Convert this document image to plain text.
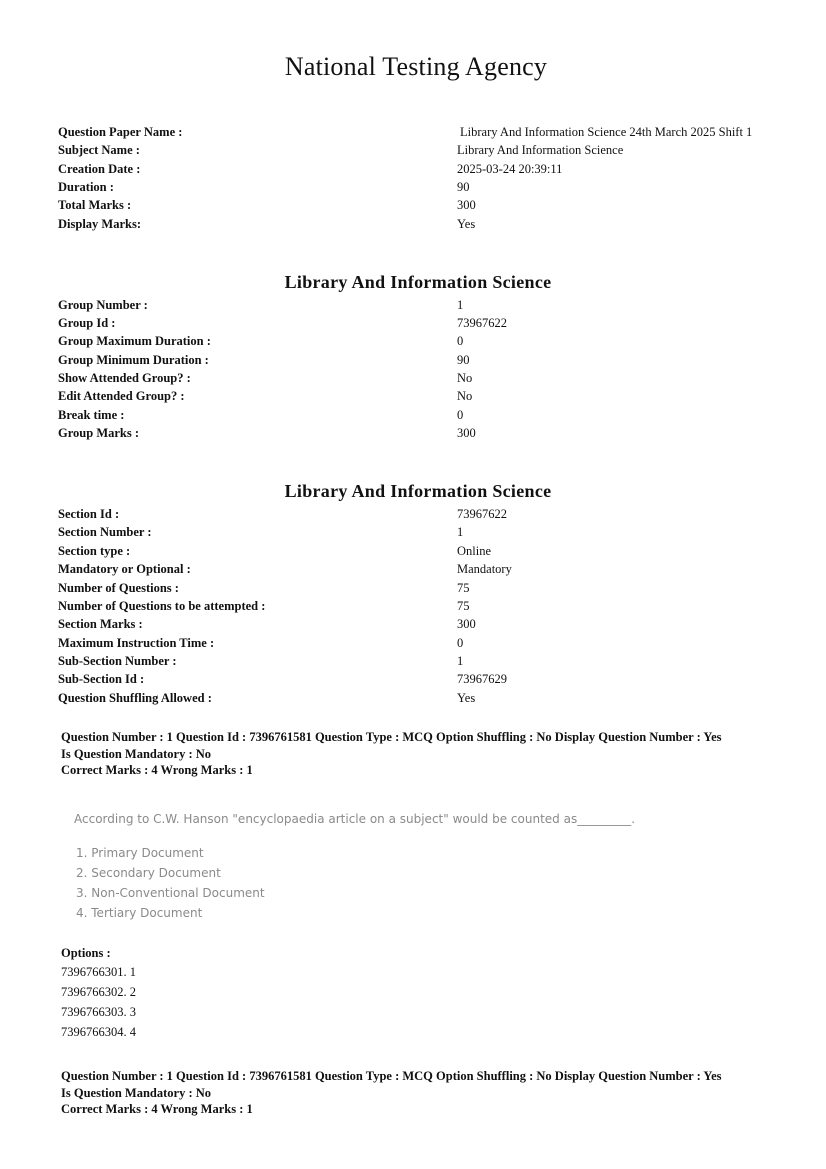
National Testing Agency
Question Paper Name :	Library And Information Science 24th March 2025 Shift 1
Subject Name :	Library And Information Science
Creation Date :	2025-03-24 20:39:11
Duration :	90
Total Marks :	300
Display Marks:	Yes
Library And Information Science
Group Number :	1
Group Id :	73967622
Group Maximum Duration :	0
Group Minimum Duration :	90
Show Attended Group? :	No
Edit Attended Group? :	No
Break time :	0
Group Marks :	300
Library And Information Science
Section Id :	73967622
Section Number :	1
Section type :	Online
Mandatory or Optional :	Mandatory
Number of Questions :	75
Number of Questions to be attempted :	75
Section Marks :	300
Maximum Instruction Time :	0
Sub-Section Number :	1
Sub-Section Id :	73967629
Question Shuffling Allowed :	Yes
Question Number : 1 Question Id : 7396761581 Question Type : MCQ Option Shuffling : No Display Question Number : Yes
Is Question Mandatory : No
Correct Marks : 4 Wrong Marks : 1
According to C.W. Hanson "encyclopaedia article on a subject" would be counted as_________.
1. Primary Document
2. Secondary Document
3. Non-Conventional Document
4. Tertiary Document
Options :
7396766301. 1
7396766302. 2
7396766303. 3
7396766304. 4
Question Number : 1 Question Id : 7396761581 Question Type : MCQ Option Shuffling : No Display Question Number : Yes
Is Question Mandatory : No
Correct Marks : 4 Wrong Marks : 1
